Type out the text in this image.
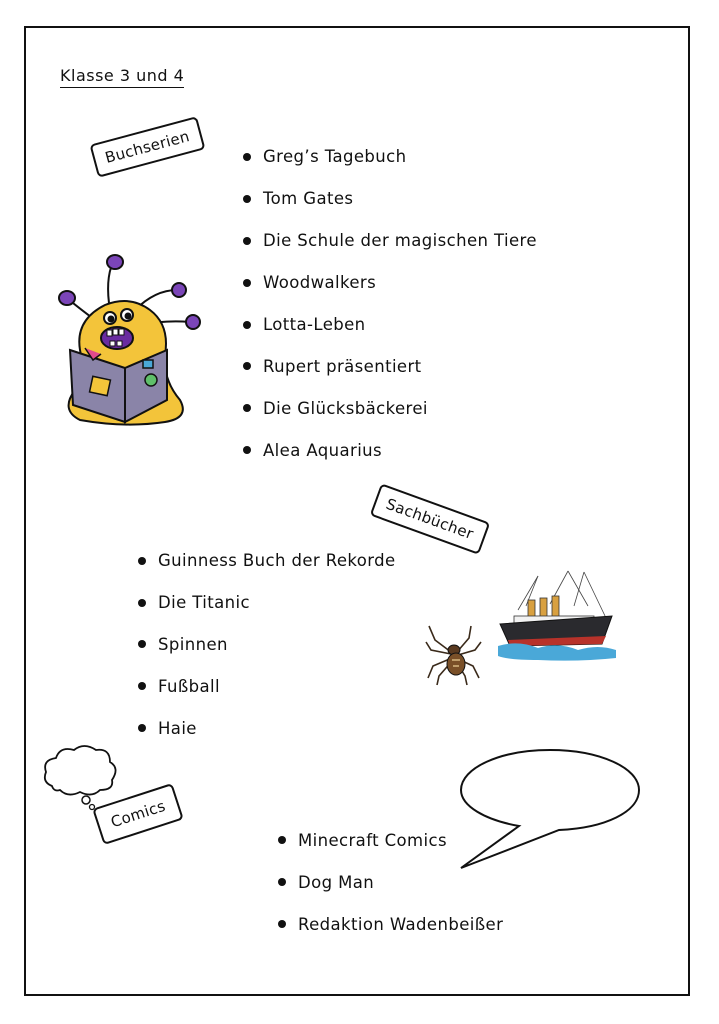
Klasse 3 und 4
Buchserien	Greg’s Tagebuch
Tom Gates
Die Schule der magischen Tiere
Woodwalkers
Lotta-Leben
Rupert präsentiert
Die Glücksbäckerei
Alea Aquarius
Sachbücher
Guinness Buch der Rekorde
Die Titanic
Spinnen
Fußball
Haie
Comics
Minecraft Comics
Dog Man
Redaktion Wadenbeißer
